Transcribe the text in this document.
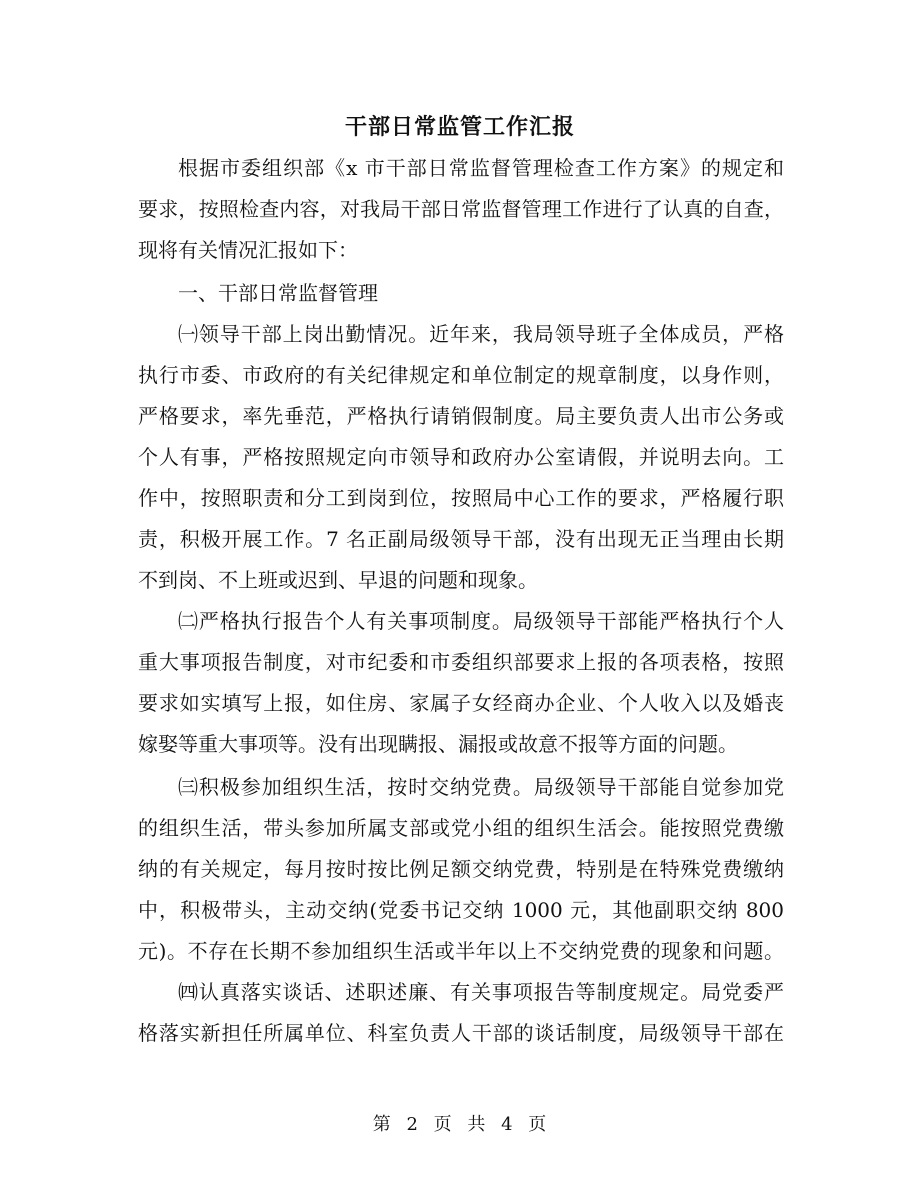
干部日常监管工作汇报
根据市委组织部《x 市干部日常监督管理检查工作方案》的规定和
要求，按照检查内容，对我局干部日常监督管理工作进行了认真的自查，
现将有关情况汇报如下：
一、干部日常监督管理
㈠领导干部上岗出勤情况。近年来，我局领导班子全体成员，严格
执行市委、市政府的有关纪律规定和单位制定的规章制度，以身作则，
严格要求，率先垂范，严格执行请销假制度。局主要负责人出市公务或
个人有事，严格按照规定向市领导和政府办公室请假，并说明去向。工
作中，按照职责和分工到岗到位，按照局中心工作的要求，严格履行职
责，积极开展工作。7 名正副局级领导干部，没有出现无正当理由长期
不到岗、不上班或迟到、早退的问题和现象。
㈡严格执行报告个人有关事项制度。局级领导干部能严格执行个人
重大事项报告制度，对市纪委和市委组织部要求上报的各项表格，按照
要求如实填写上报，如住房、家属子女经商办企业、个人收入以及婚丧
嫁娶等重大事项等。没有出现瞒报、漏报或故意不报等方面的问题。
㈢积极参加组织生活，按时交纳党费。局级领导干部能自觉参加党
的组织生活，带头参加所属支部或党小组的组织生活会。能按照党费缴
纳的有关规定，每月按时按比例足额交纳党费，特别是在特殊党费缴纳
中，积极带头，主动交纳(党委书记交纳 1000 元，其他副职交纳 800
元)。不存在长期不参加组织生活或半年以上不交纳党费的现象和问题。
㈣认真落实谈话、述职述廉、有关事项报告等制度规定。局党委严
格落实新担任所属单位、科室负责人干部的谈话制度，局级领导干部在
第 2 页 共 4 页
